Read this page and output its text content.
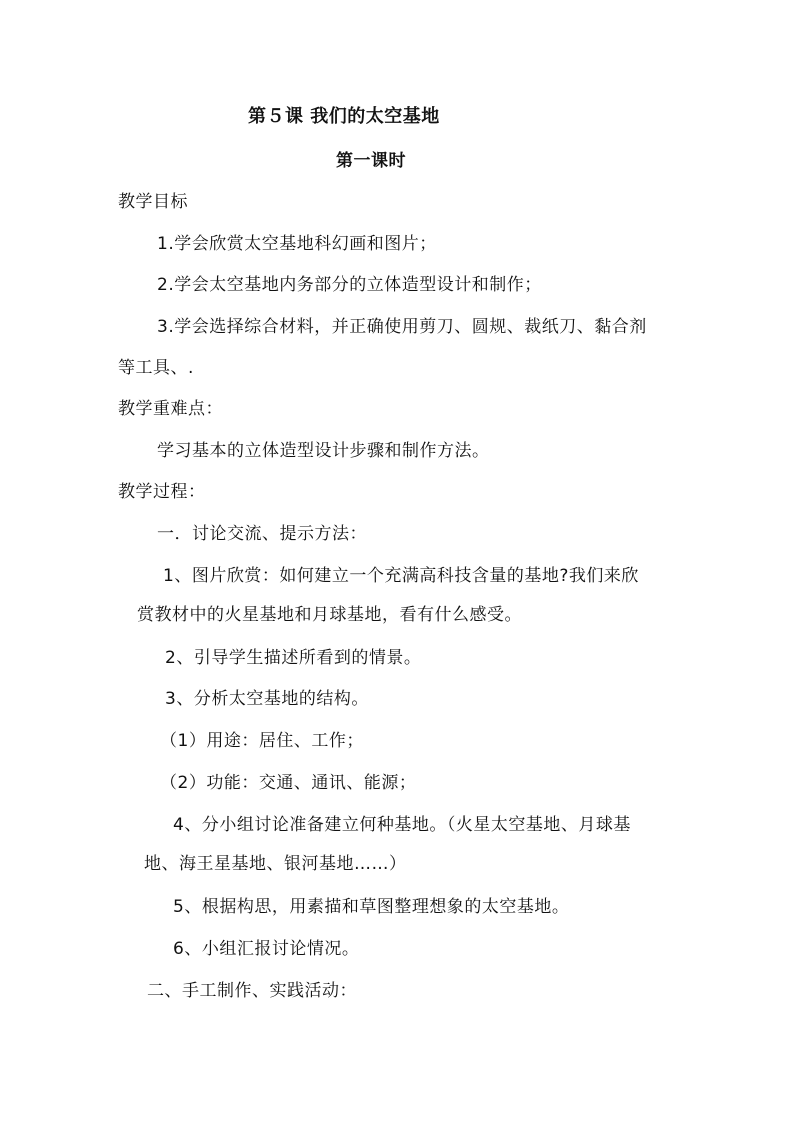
第５课 我们的太空基地
第一课时
教学目标
1.学会欣赏太空基地科幻画和图片；
2.学会太空基地内务部分的立体造型设计和制作；
3.学会选择综合材料，并正确使用剪刀、圆规、裁纸刀、黏合剂
等工具、.
教学重难点：
学习基本的立体造型设计步骤和制作方法。
教学过程：
一．讨论交流、提示方法：
1、图片欣赏：如何建立一个充满高科技含量的基地?我们来欣
赏教材中的火星基地和月球基地，看有什么感受。
2、引导学生描述所看到的情景。
3、分析太空基地的结构。
（1）用途：居住、工作；
（2）功能：交通、通讯、能源；
4、分小组讨论准备建立何种基地。（火星太空基地、月球基
地、海王星基地、银河基地……）
5、根据构思，用素描和草图整理想象的太空基地。
6、小组汇报讨论情况。
二、手工制作、实践活动：
